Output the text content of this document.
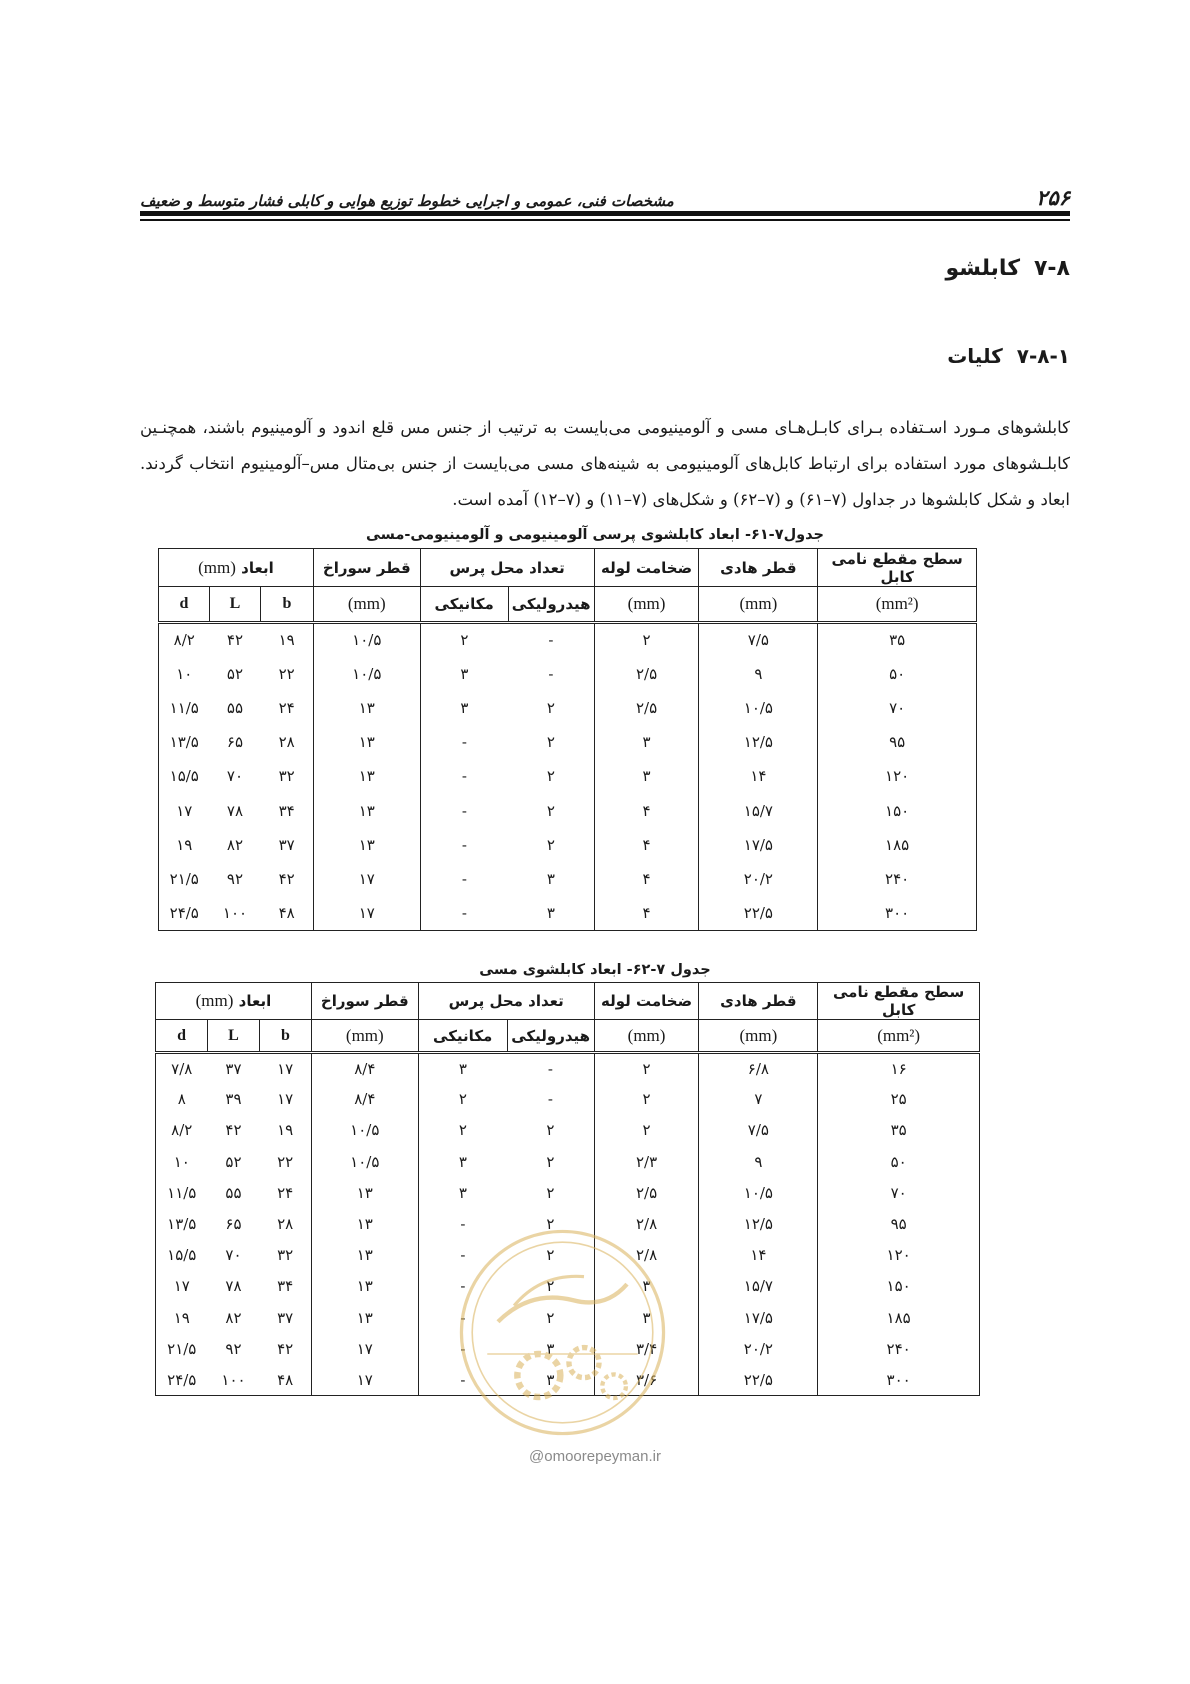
۲۵۶
مشخصات فنی، عمومی و اجرایی خطوط توزیع هوایی و کابلی فشار متوسط و ضعیف
۷-۸
کابلشو
۷-۸-۱
کلیات

کابلشوهای مـورد اسـتفاده بـرای کابـل‌هـای مسی و آلومینیومی می‌بایست به ترتیب از جنس مس قلع اندود و آلومینیوم باشند، همچنـین کابلـشوهای مورد استفاده برای ارتباط کابل‌های آلومینیومی به شینه‌های مسی می‌بایست از جنس بی‌متال مس–آلومینیوم انتخاب گردند. ابعاد و شکل کابلشوها در جداول (۷–۶۱) و (۷–۶۲) و شکل‌های (۷–۱۱) و (۷–۱۲) آمده است.

جدول۷-۶۱- ابعاد کابلشوی پرسی آلومینیومی و آلومینیومی-مسی
سطح مقطع نامی کابل	قطر هادی	ضخامت لوله	تعداد محل پرس		قطر سوراخ	ابعاد (mm)		
(mm²)	(mm)	(mm)	هیدرولیکی	مکانیکی	(mm)	b	L	d
۳۵	۷/۵	۲	-	۲	۱۰/۵	۱۹	۴۲	۸/۲
۵۰	۹	۲/۵	-	۳	۱۰/۵	۲۲	۵۲	۱۰
۷۰	۱۰/۵	۲/۵	۲	۳	۱۳	۲۴	۵۵	۱۱/۵
۹۵	۱۲/۵	۳	۲	-	۱۳	۲۸	۶۵	۱۳/۵
۱۲۰	۱۴	۳	۲	-	۱۳	۳۲	۷۰	۱۵/۵
۱۵۰	۱۵/۷	۴	۲	-	۱۳	۳۴	۷۸	۱۷
۱۸۵	۱۷/۵	۴	۲	-	۱۳	۳۷	۸۲	۱۹
۲۴۰	۲۰/۲	۴	۳	-	۱۷	۴۲	۹۲	۲۱/۵
۳۰۰	۲۲/۵	۴	۳	-	۱۷	۴۸	۱۰۰	۲۴/۵
جدول ۷-۶۲- ابعاد کابلشوی مسی
سطح مقطع نامی کابل	قطر هادی	ضخامت لوله	تعداد محل پرس		قطر سوراخ	ابعاد (mm)		
(mm²)	(mm)	(mm)	هیدرولیکی	مکانیکی	(mm)	b	L	d
۱۶	۶/۸	۲	-	۳	۸/۴	۱۷	۳۷	۷/۸
۲۵	۷	۲	-	۲	۸/۴	۱۷	۳۹	۸
۳۵	۷/۵	۲	۲	۲	۱۰/۵	۱۹	۴۲	۸/۲
۵۰	۹	۲/۳	۲	۳	۱۰/۵	۲۲	۵۲	۱۰
۷۰	۱۰/۵	۲/۵	۲	۳	۱۳	۲۴	۵۵	۱۱/۵
۹۵	۱۲/۵	۲/۸	۲	-	۱۳	۲۸	۶۵	۱۳/۵
۱۲۰	۱۴	۲/۸	۲	-	۱۳	۳۲	۷۰	۱۵/۵
۱۵۰	۱۵/۷	۳	۲	-	۱۳	۳۴	۷۸	۱۷
۱۸۵	۱۷/۵	۳	۲	-	۱۳	۳۷	۸۲	۱۹
۲۴۰	۲۰/۲	۳/۴	۳	-	۱۷	۴۲	۹۲	۲۱/۵
۳۰۰	۲۲/۵	۳/۶	۳	-	۱۷	۴۸	۱۰۰	۲۴/۵
@omoorepeyman.ir
